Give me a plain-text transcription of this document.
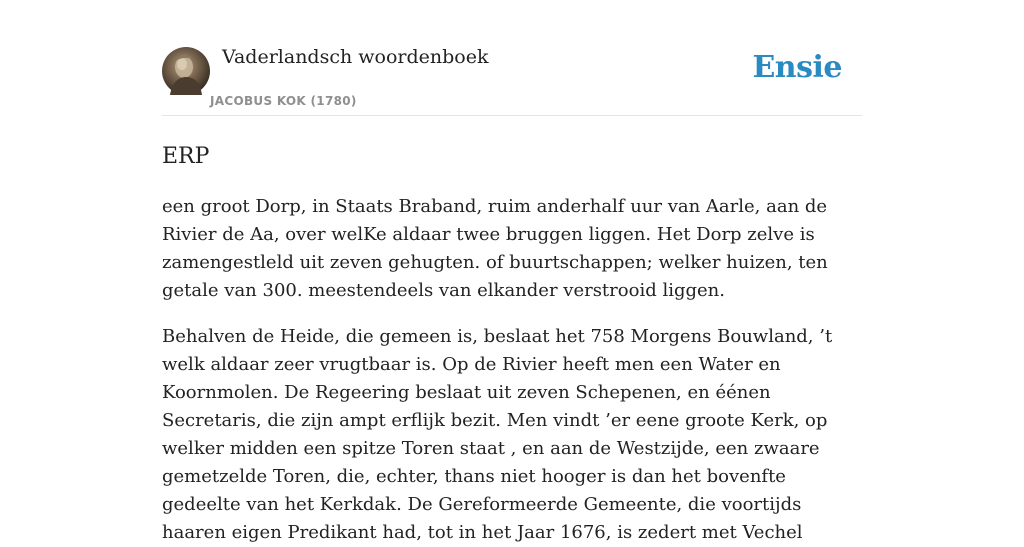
Vaderlandsch woordenboek
JACOBUS KOK (1780)
Ensie
ERP

een groot Dorp, in Staats Braband, ruim anderhalf uur van Aarle, aan de Rivier de Aa, over welKe aldaar twee bruggen liggen. Het Dorp zelve is zamengestleld uit zeven gehugten. of buurtschappen; welker huizen, ten getale van 300. meestendeels van elkander verstrooid liggen.

Behalven de Heide, die gemeen is, beslaat het 758 Morgens Bouwland, ’t welk aldaar zeer vrugtbaar is. Op de Rivier heeft men een Water en Koornmolen. De Regeering beslaat uit zeven Schepenen, en éénen Secretaris, die zijn ampt erflijk bezit. Men vindt ’er eene groote Kerk, op welker midden een spitze Toren staat , en aan de Westzijde, een zwaare gemetzelde Toren, die, echter, thans niet hooger is dan het bovenfte gedeelte van het Kerkdak. De Gereformeerde Gemeente, die voortijds haaren eigen Predikant had, tot in het Jaar 1676, is zedert met Vechel
